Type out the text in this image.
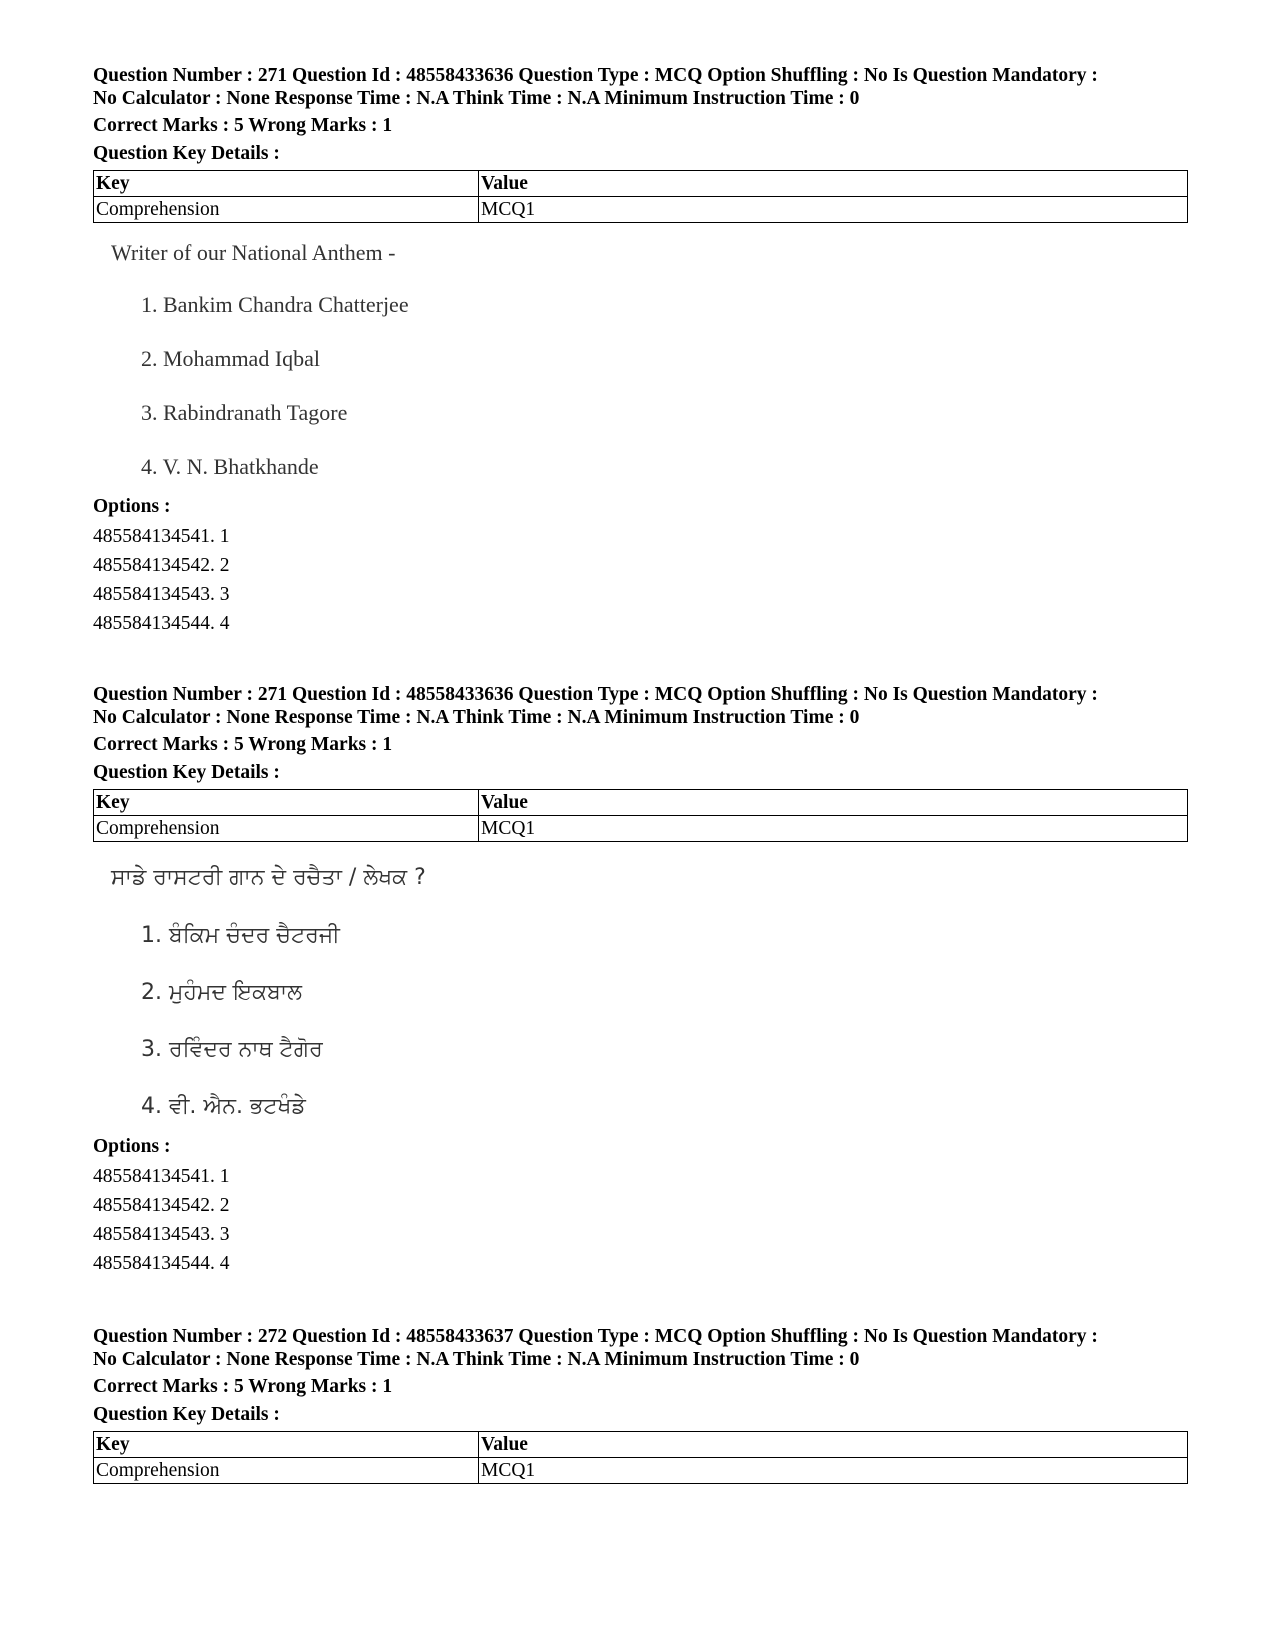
Question Number : 271 Question Id : 48558433636 Question Type : MCQ Option Shuffling : No Is Question Mandatory :

No Calculator : None Response Time : N.A Think Time : N.A Minimum Instruction Time : 0

Correct Marks : 5 Wrong Marks : 1
Question Key Details :
Key	Value
Comprehension	MCQ1
Writer of our National Anthem -
1. Bankim Chandra Chatterjee
2. Mohammad Iqbal
3. Rabindranath Tagore
4. V. N. Bhatkhande
Options :
485584134541. 1
485584134542. 2
485584134543. 3
485584134544. 4

Question Number : 271 Question Id : 48558433636 Question Type : MCQ Option Shuffling : No Is Question Mandatory :

No Calculator : None Response Time : N.A Think Time : N.A Minimum Instruction Time : 0

Correct Marks : 5 Wrong Marks : 1
Question Key Details :
Key	Value
Comprehension	MCQ1
ਸਾਡੇ ਰਾਸਟਰੀ ਗਾਨ ਦੇ ਰਚੈਤਾ / ਲੇਖਕ ?
1. ਬੰਕਿਮ ਚੰਦਰ ਚੈਟਰਜੀ
2. ਮੁਹੰਮਦ ਇਕਬਾਲ
3. ਰਵਿੰਦਰ ਨਾਥ ਟੈਗੋਰ
4. ਵੀ. ਐਨ. ਭਟਖੰਡੇ
Options :
485584134541. 1
485584134542. 2
485584134543. 3
485584134544. 4

Question Number : 272 Question Id : 48558433637 Question Type : MCQ Option Shuffling : No Is Question Mandatory :

No Calculator : None Response Time : N.A Think Time : N.A Minimum Instruction Time : 0

Correct Marks : 5 Wrong Marks : 1
Question Key Details :
Key	Value
Comprehension	MCQ1
